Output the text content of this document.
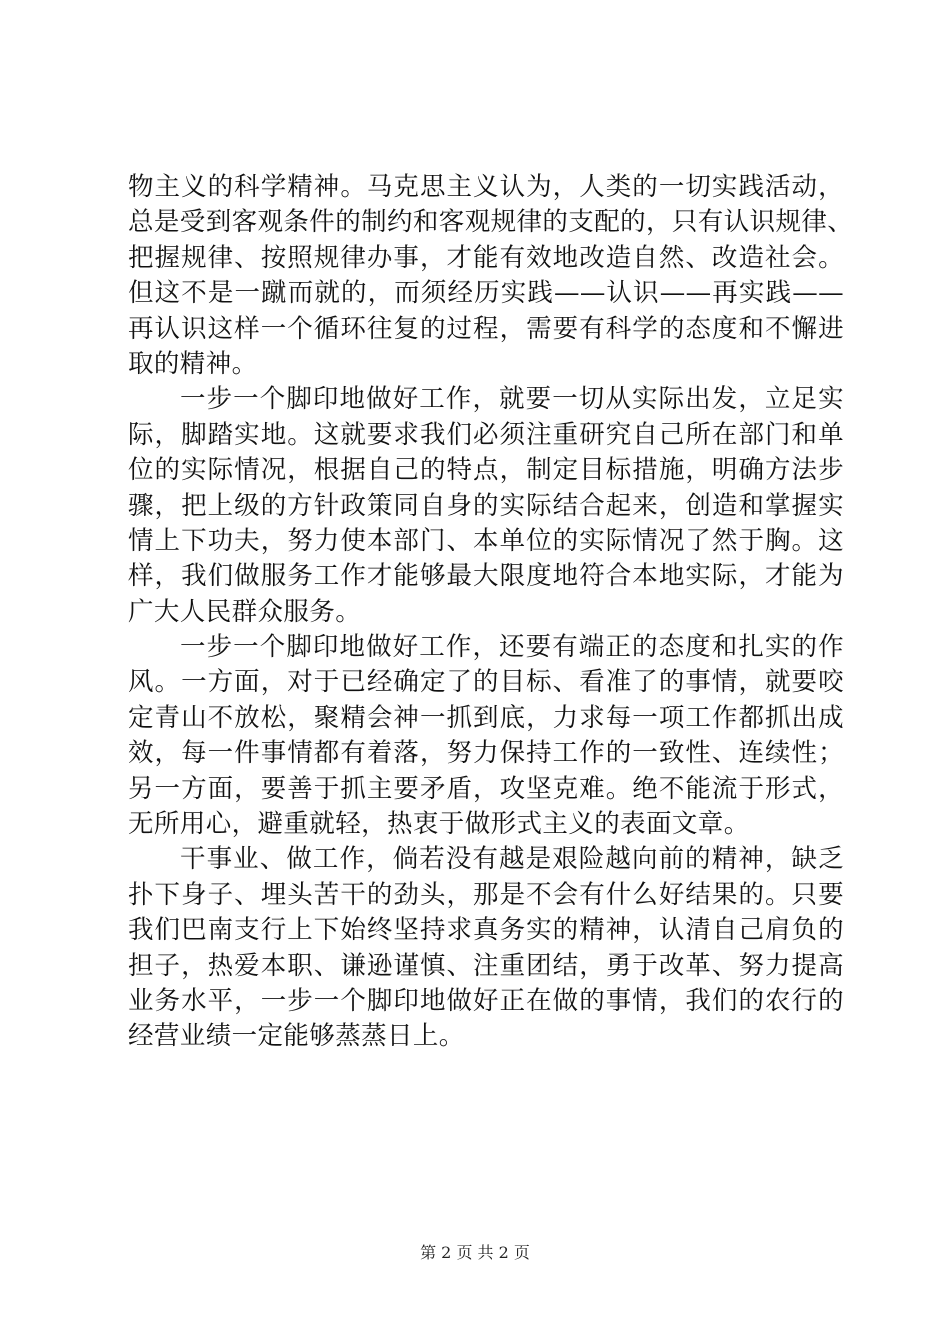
物主义的科学精神。马克思主义认为，人类的一切实践活动，
总是受到客观条件的制约和客观规律的支配的，只有认识规律、
把握规律、按照规律办事，才能有效地改造自然、改造社会。
但这不是一蹴而就的，而须经历实践——认识——再实践——
再认识这样一个循环往复的过程，需要有科学的态度和不懈进
取的精神。
一步一个脚印地做好工作，就要一切从实际出发，立足实
际，脚踏实地。这就要求我们必须注重研究自己所在部门和单
位的实际情况，根据自己的特点，制定目标措施，明确方法步
骤，把上级的方针政策同自身的实际结合起来，创造和掌握实
情上下功夫，努力使本部门、本单位的实际情况了然于胸。这
样，我们做服务工作才能够最大限度地符合本地实际，才能为
广大人民群众服务。
一步一个脚印地做好工作，还要有端正的态度和扎实的作
风。一方面，对于已经确定了的目标、看准了的事情，就要咬
定青山不放松，聚精会神一抓到底，力求每一项工作都抓出成
效，每一件事情都有着落，努力保持工作的一致性、连续性；
另一方面，要善于抓主要矛盾，攻坚克难。绝不能流于形式，
无所用心，避重就轻，热衷于做形式主义的表面文章。
干事业、做工作，倘若没有越是艰险越向前的精神，缺乏
扑下身子、埋头苦干的劲头，那是不会有什么好结果的。只要
我们巴南支行上下始终坚持求真务实的精神，认清自己肩负的
担子，热爱本职、谦逊谨慎、注重团结，勇于改革、努力提高
业务水平，一步一个脚印地做好正在做的事情，我们的农行的
经营业绩一定能够蒸蒸日上。
第 2 页 共 2 页
